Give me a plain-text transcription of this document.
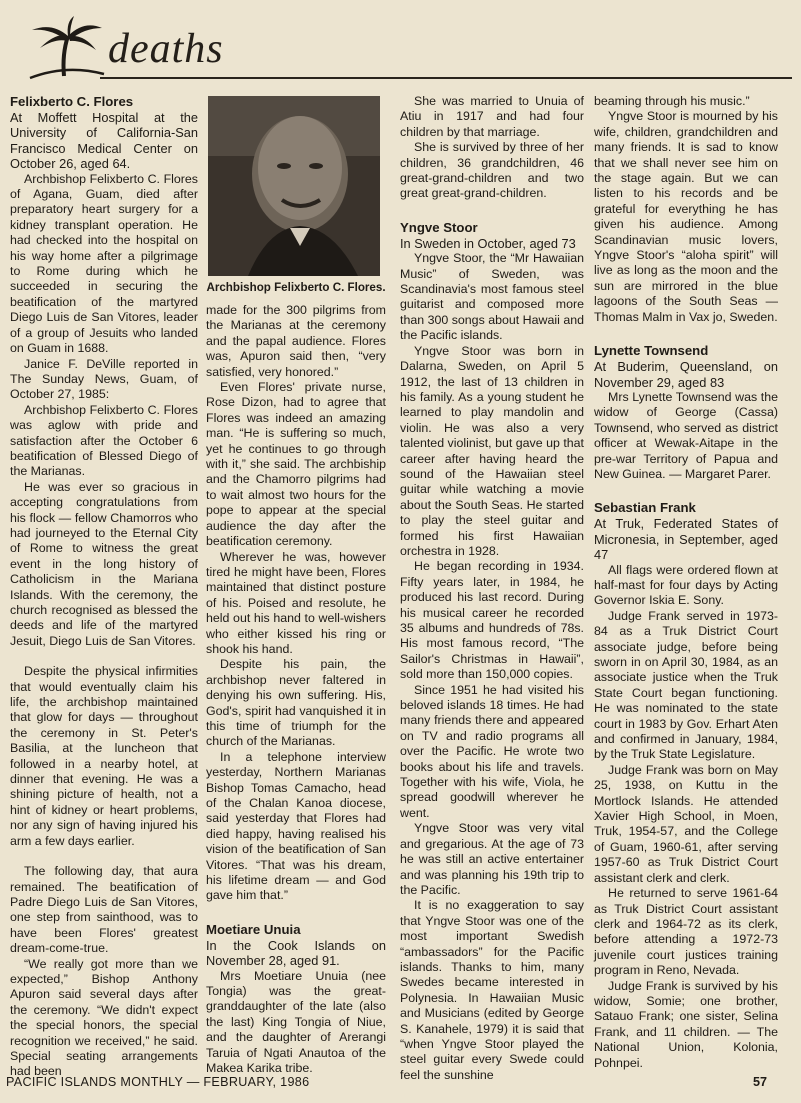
deaths
Felixberto C. Flores

At Moffett Hospital at the University of California-San Francisco Medical Center on October 26, aged 64.

Archbishop Felixberto C. Flores of Agana, Guam, died after preparatory heart surgery for a kidney transplant operation. He had checked into the hospital on his way home after a pilgrimage to Rome during which he succeeded in securing the beatification of the martyred Diego Luis de San Vitores, leader of a group of Jesuits who landed on Guam in 1688.

Janice F. DeVille reported in The Sunday News, Guam, of October 27, 1985:

Archbishop Felixberto C. Flores was aglow with pride and satisfaction after the October 6 beatification of Blessed Diego of the Marianas.

He was ever so gracious in accepting congratulations from his flock — fellow Chamorros who had journeyed to the Eternal City of Rome to witness the great event in the long history of Catholicism in the Mariana Islands. With the ceremony, the church recognised as blessed the deeds and life of the martyred Jesuit, Diego Luis de San Vitores.

Despite the physical infirmities that would eventually claim his life, the archbishop maintained that glow for days — throughout the ceremony in St. Peter's Basilia, at the luncheon that followed in a nearby hotel, at dinner that evening. He was a shining picture of health, not a hint of kidney or heart problems, nor any sign of having injured his arm a few days earlier.

The following day, that aura remained. The beatification of Padre Diego Luis de San Vitores, one step from sainthood, was to have been Flores' greatest dream-come-true.

“We really got more than we expected,” Bishop Anthony Apuron said several days after the ceremony. “We didn't expect the special honors, the special recognition we received,” he said. Special seating arrangements had been

Archbishop Felixberto C. Flores.

made for the 300 pilgrims from the Marianas at the ceremony and the papal audience. Flores was, Apuron said then, “very satisfied, very honored.”

Even Flores' private nurse, Rose Dizon, had to agree that Flores was indeed an amazing man. “He is suffering so much, yet he continues to go through with it,” she said. The archbiship and the Chamorro pilgrims had to wait almost two hours for the pope to appear at the special audience the day after the beatification ceremony.

Wherever he was, however tired he might have been, Flores maintained that distinct posture of his. Poised and resolute, he held out his hand to well-wishers who either kissed his ring or shook his hand.

Despite his pain, the archbishop never faltered in denying his own suffering. His, God's, spirit had vanquished it in this time of triumph for the church of the Marianas.

In a telephone interview yesterday, Northern Marianas Bishop Tomas Camacho, head of the Chalan Kanoa diocese, said yesterday that Flores had died happy, having realised his vision of the beatification of San Vitores. “That was his dream, his lifetime dream — and God gave him that.”

Moetiare Unuia

In the Cook Islands on November 28, aged 91.

Mrs Moetiare Unuia (nee Tongia) was the great-granddaughter of the late (also the last) King Tongia of Niue, and the daughter of Arerangi Taruia of Ngati Anautoa of the Makea Karika tribe.

She was married to Unuia of Atiu in 1917 and had four children by that marriage.

She is survived by three of her children, 36 grandchildren, 46 great-grand-children and two great great-grand-children.

Yngve Stoor

In Sweden in October, aged 73

Yngve Stoor, the “Mr Hawaiian Music” of Sweden, was Scandinavia's most famous steel guitarist and composed more than 300 songs about Hawaii and the Pacific islands.

Yngve Stoor was born in Dalarna, Sweden, on April 5 1912, the last of 13 children in his family. As a young student he learned to play mandolin and violin. He was also a very talented violinist, but gave up that career after having heard the sound of the Hawaiian steel guitar while watching a movie about the South Seas. He started to play the steel guitar and formed his first Hawaiian orchestra in 1928.

He began recording in 1934. Fifty years later, in 1984, he produced his last record. During his musical career he recorded 35 albums and hundreds of 78s. His most famous record, “The Sailor's Christmas in Hawaii”, sold more than 150,000 copies.

Since 1951 he had visited his beloved islands 18 times. He had many friends there and appeared on TV and radio programs all over the Pacific. He wrote two books about his life and travels. Together with his wife, Viola, he spread goodwill wherever he went.

Yngve Stoor was very vital and gregarious. At the age of 73 he was still an active entertainer and was planning his 19th trip to the Pacific.

It is no exaggeration to say that Yngve Stoor was one of the most important Swedish “ambassadors” for the Pacific islands. Thanks to him, many Swedes became interested in Polynesia. In Hawaiian Music and Musicians (edited by George S. Kanahele, 1979) it is said that “when Yngve Stoor played the steel guitar every Swede could feel the sunshine

beaming through his music.”

Yngve Stoor is mourned by his wife, children, grandchildren and many friends. It is sad to know that we shall never see him on the stage again. But we can listen to his records and be grateful for everything he has given his audience. Among Scandinavian music lovers, Yngve Stoor's “aloha spirit” will live as long as the moon and the sun are mirrored in the blue lagoons of the South Seas — Thomas Malm in Vax jo, Sweden.

Lynette Townsend

At Buderim, Queensland, on November 29, aged 83

Mrs Lynette Townsend was the widow of George (Cassa) Townsend, who served as district officer at Wewak-Aitape in the pre-war Territory of Papua and New Guinea. — Margaret Parer.

Sebastian Frank

At Truk, Federated States of Micronesia, in September, aged 47

All flags were ordered flown at half-mast for four days by Acting Governor Iskia E. Sony.

Judge Frank served in 1973-84 as a Truk District Court associate judge, before being sworn in on April 30, 1984, as an associate justice when the Truk State Court began functioning. He was nominated to the state court in 1983 by Gov. Erhart Aten and confirmed in January, 1984, by the Truk State Legislature.

Judge Frank was born on May 25, 1938, on Kuttu in the Mortlock Islands. He attended Xavier High School, in Moen, Truk, 1954-57, and the College of Guam, 1960-61, after serving 1957-60 as Truk District Court assistant clerk and clerk.

He returned to serve 1961-64 as Truk District Court assistant clerk and 1964-72 as its clerk, before attending a 1972-73 juvenile court justices training program in Reno, Nevada.

Judge Frank is survived by his widow, Somie; one brother, Satauo Frank; one sister, Selina Frank, and 11 children. — The National Union, Kolonia, Pohnpei.

PACIFIC ISLANDS MONTHLY — FEBRUARY, 1986	57
